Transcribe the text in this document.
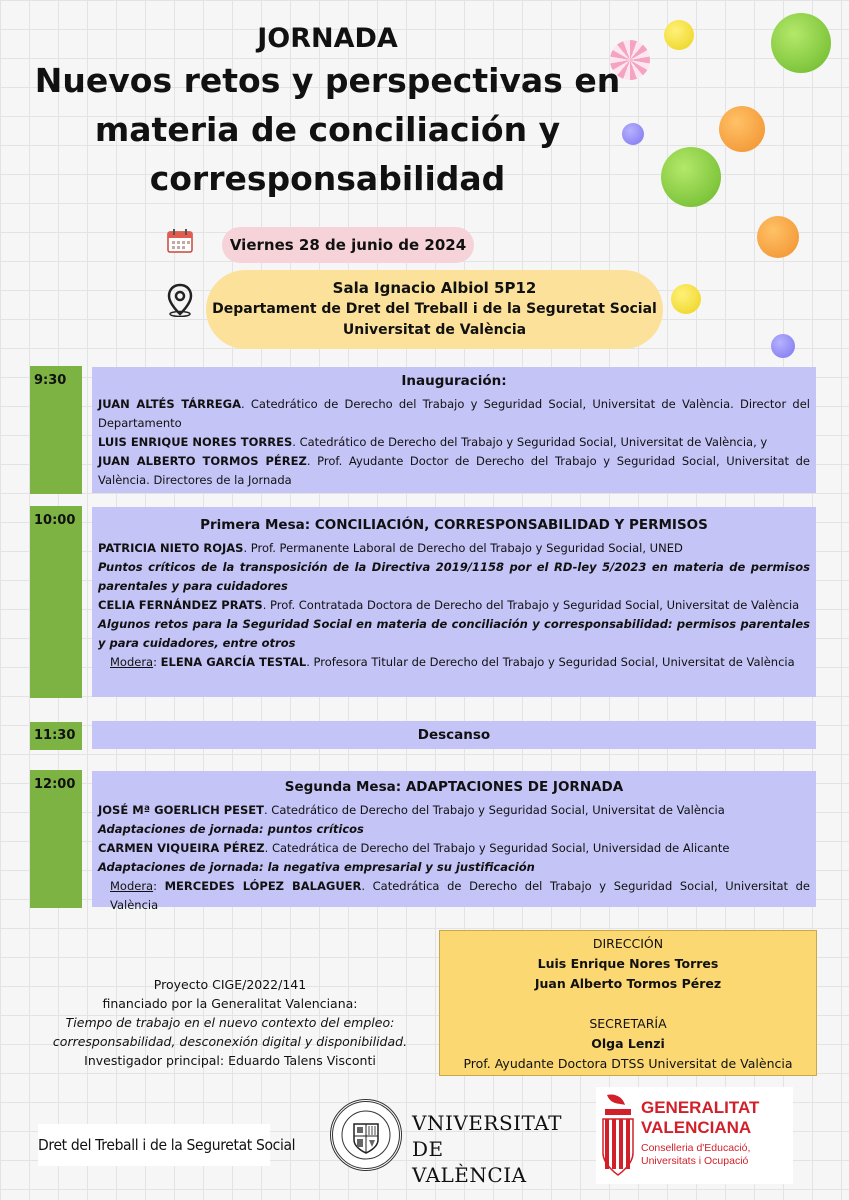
JORNADA
Nuevos retos y perspectivas en
materia de conciliación y
corresponsabilidad
Viernes 28 de junio de 2024
Sala Ignacio Albiol 5P12
Departament de Dret del Treball i de la Seguretat Social
Universitat de València
9:30	Inauguración:
JUAN ALTÉS TÁRREGA. Catedrático de Derecho del Trabajo y Seguridad Social, Universitat de València. Director del Departamento
LUIS ENRIQUE NORES TORRES. Catedrático de Derecho del Trabajo y Seguridad Social, Universitat de València, y
JUAN ALBERTO TORMOS PÉREZ. Prof. Ayudante Doctor de Derecho del Trabajo y Seguridad Social, Universitat de València. Directores de la Jornada
10:00	Primera Mesa: CONCILIACIÓN, CORRESPONSABILIDAD Y PERMISOS
PATRICIA NIETO ROJAS. Prof. Permanente Laboral de Derecho del Trabajo y Seguridad Social, UNED
Puntos críticos de la transposición de la Directiva 2019/1158 por el RD-ley 5/2023 en materia de permisos parentales y para cuidadores
CELIA FERNÁNDEZ PRATS. Prof. Contratada Doctora de Derecho del Trabajo y Seguridad Social, Universitat de València
Algunos retos para la Seguridad Social en materia de conciliación y corresponsabilidad: permisos parentales y para cuidadores, entre otros
Modera: ELENA GARCÍA TESTAL. Profesora Titular de Derecho del Trabajo y Seguridad Social, Universitat de València
11:30	Descanso
12:00	Segunda Mesa: ADAPTACIONES DE JORNADA
JOSÉ Mª GOERLICH PESET. Catedrático de Derecho del Trabajo y Seguridad Social, Universitat de València
Adaptaciones de jornada: puntos críticos
CARMEN VIQUEIRA PÉREZ. Catedrática de Derecho del Trabajo y Seguridad Social, Universidad de Alicante
Adaptaciones de jornada: la negativa empresarial y su justificación
Modera: MERCEDES LÓPEZ BALAGUER. Catedrática de Derecho del Trabajo y Seguridad Social, Universitat de València
DIRECCIÓN
Luis Enrique Nores Torres
Juan Alberto Tormos Pérez
SECRETARÍA
Olga Lenzi
Prof. Ayudante Doctora DTSS Universitat de València
Proyecto CIGE/2022/141
financiado por la Generalitat Valenciana:
Tiempo de trabajo en el nuevo contexto del empleo:
corresponsabilidad, desconexión digital y disponibilidad.
Investigador principal: Eduardo Talens Visconti
Dret del Treball i de la Seguretat Social
VNIVERSITAT
DE VALÈNCIA
GENERALITAT
VALENCIANA
Conselleria d'Educació,
Universitats i Ocupació
